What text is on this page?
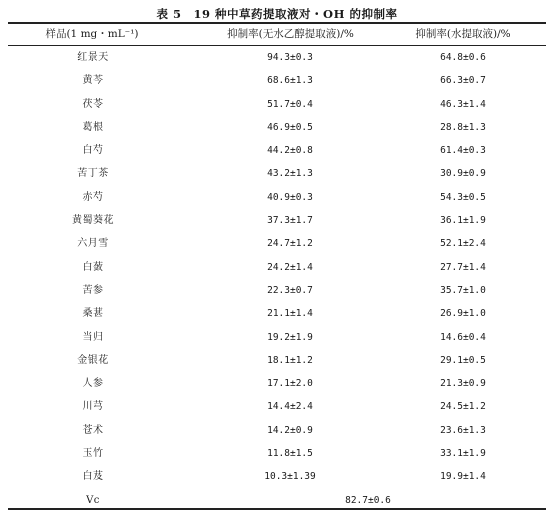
表 5　19 种中草药提取液对・OH 的抑制率
样品(1 mg・mL⁻¹)	抑制率(无水乙醇提取液)/%	抑制率(水提取液)/%
红景天	94.3±0.3	64.8±0.6
黄芩	68.6±1.3	66.3±0.7
茯苓	51.7±0.4	46.3±1.4
葛根	46.9±0.5	28.8±1.3
白芍	44.2±0.8	61.4±0.3
苦丁茶	43.2±1.3	30.9±0.9
赤芍	40.9±0.3	54.3±0.5
黄蜀葵花	37.3±1.7	36.1±1.9
六月雪	24.7±1.2	52.1±2.4
白蔹	24.2±1.4	27.7±1.4
苦参	22.3±0.7	35.7±1.0
桑葚	21.1±1.4	26.9±1.0
当归	19.2±1.9	14.6±0.4
金银花	18.1±1.2	29.1±0.5
人参	17.1±2.0	21.3±0.9
川芎	14.4±2.4	24.5±1.2
苍术	14.2±0.9	23.6±1.3
玉竹	11.8±1.5	33.1±1.9
白芨	10.3±1.39	19.9±1.4
Vc	82.7±0.6
